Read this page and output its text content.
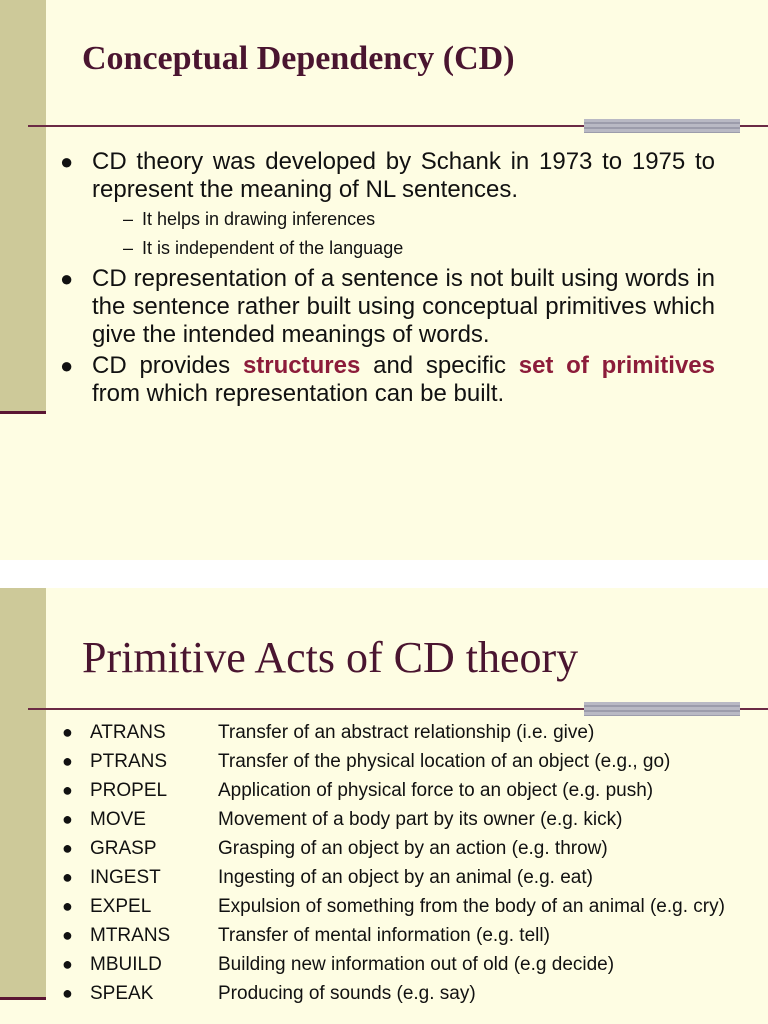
Conceptual Dependency (CD)
● CD theory was developed by Schank in 1973 to 1975 to represent the meaning of NL sentences.
– It helps in drawing inferences
– It is independent of the language
● CD representation of a sentence is not built using words in the sentence rather built using conceptual primitives which give the intended meanings of words.
● CD provides structures and specific set of primitives from which representation can be built.
Primitive Acts of CD theory
● ATRANS	Transfer of an abstract relationship (i.e. give)
● PTRANS	Transfer of the physical location of an object (e.g., go)
● PROPEL	Application of physical force to an object (e.g. push)
● MOVE	Movement of a body part by its owner (e.g. kick)
● GRASP	Grasping of an object by an action (e.g. throw)
● INGEST	Ingesting of an object by an animal (e.g. eat)
● EXPEL	Expulsion of something from the body of an animal (e.g. cry)
● MTRANS	Transfer of mental information (e.g. tell)
● MBUILD	Building new information out of old (e.g decide)
● SPEAK	Producing of sounds (e.g. say)
